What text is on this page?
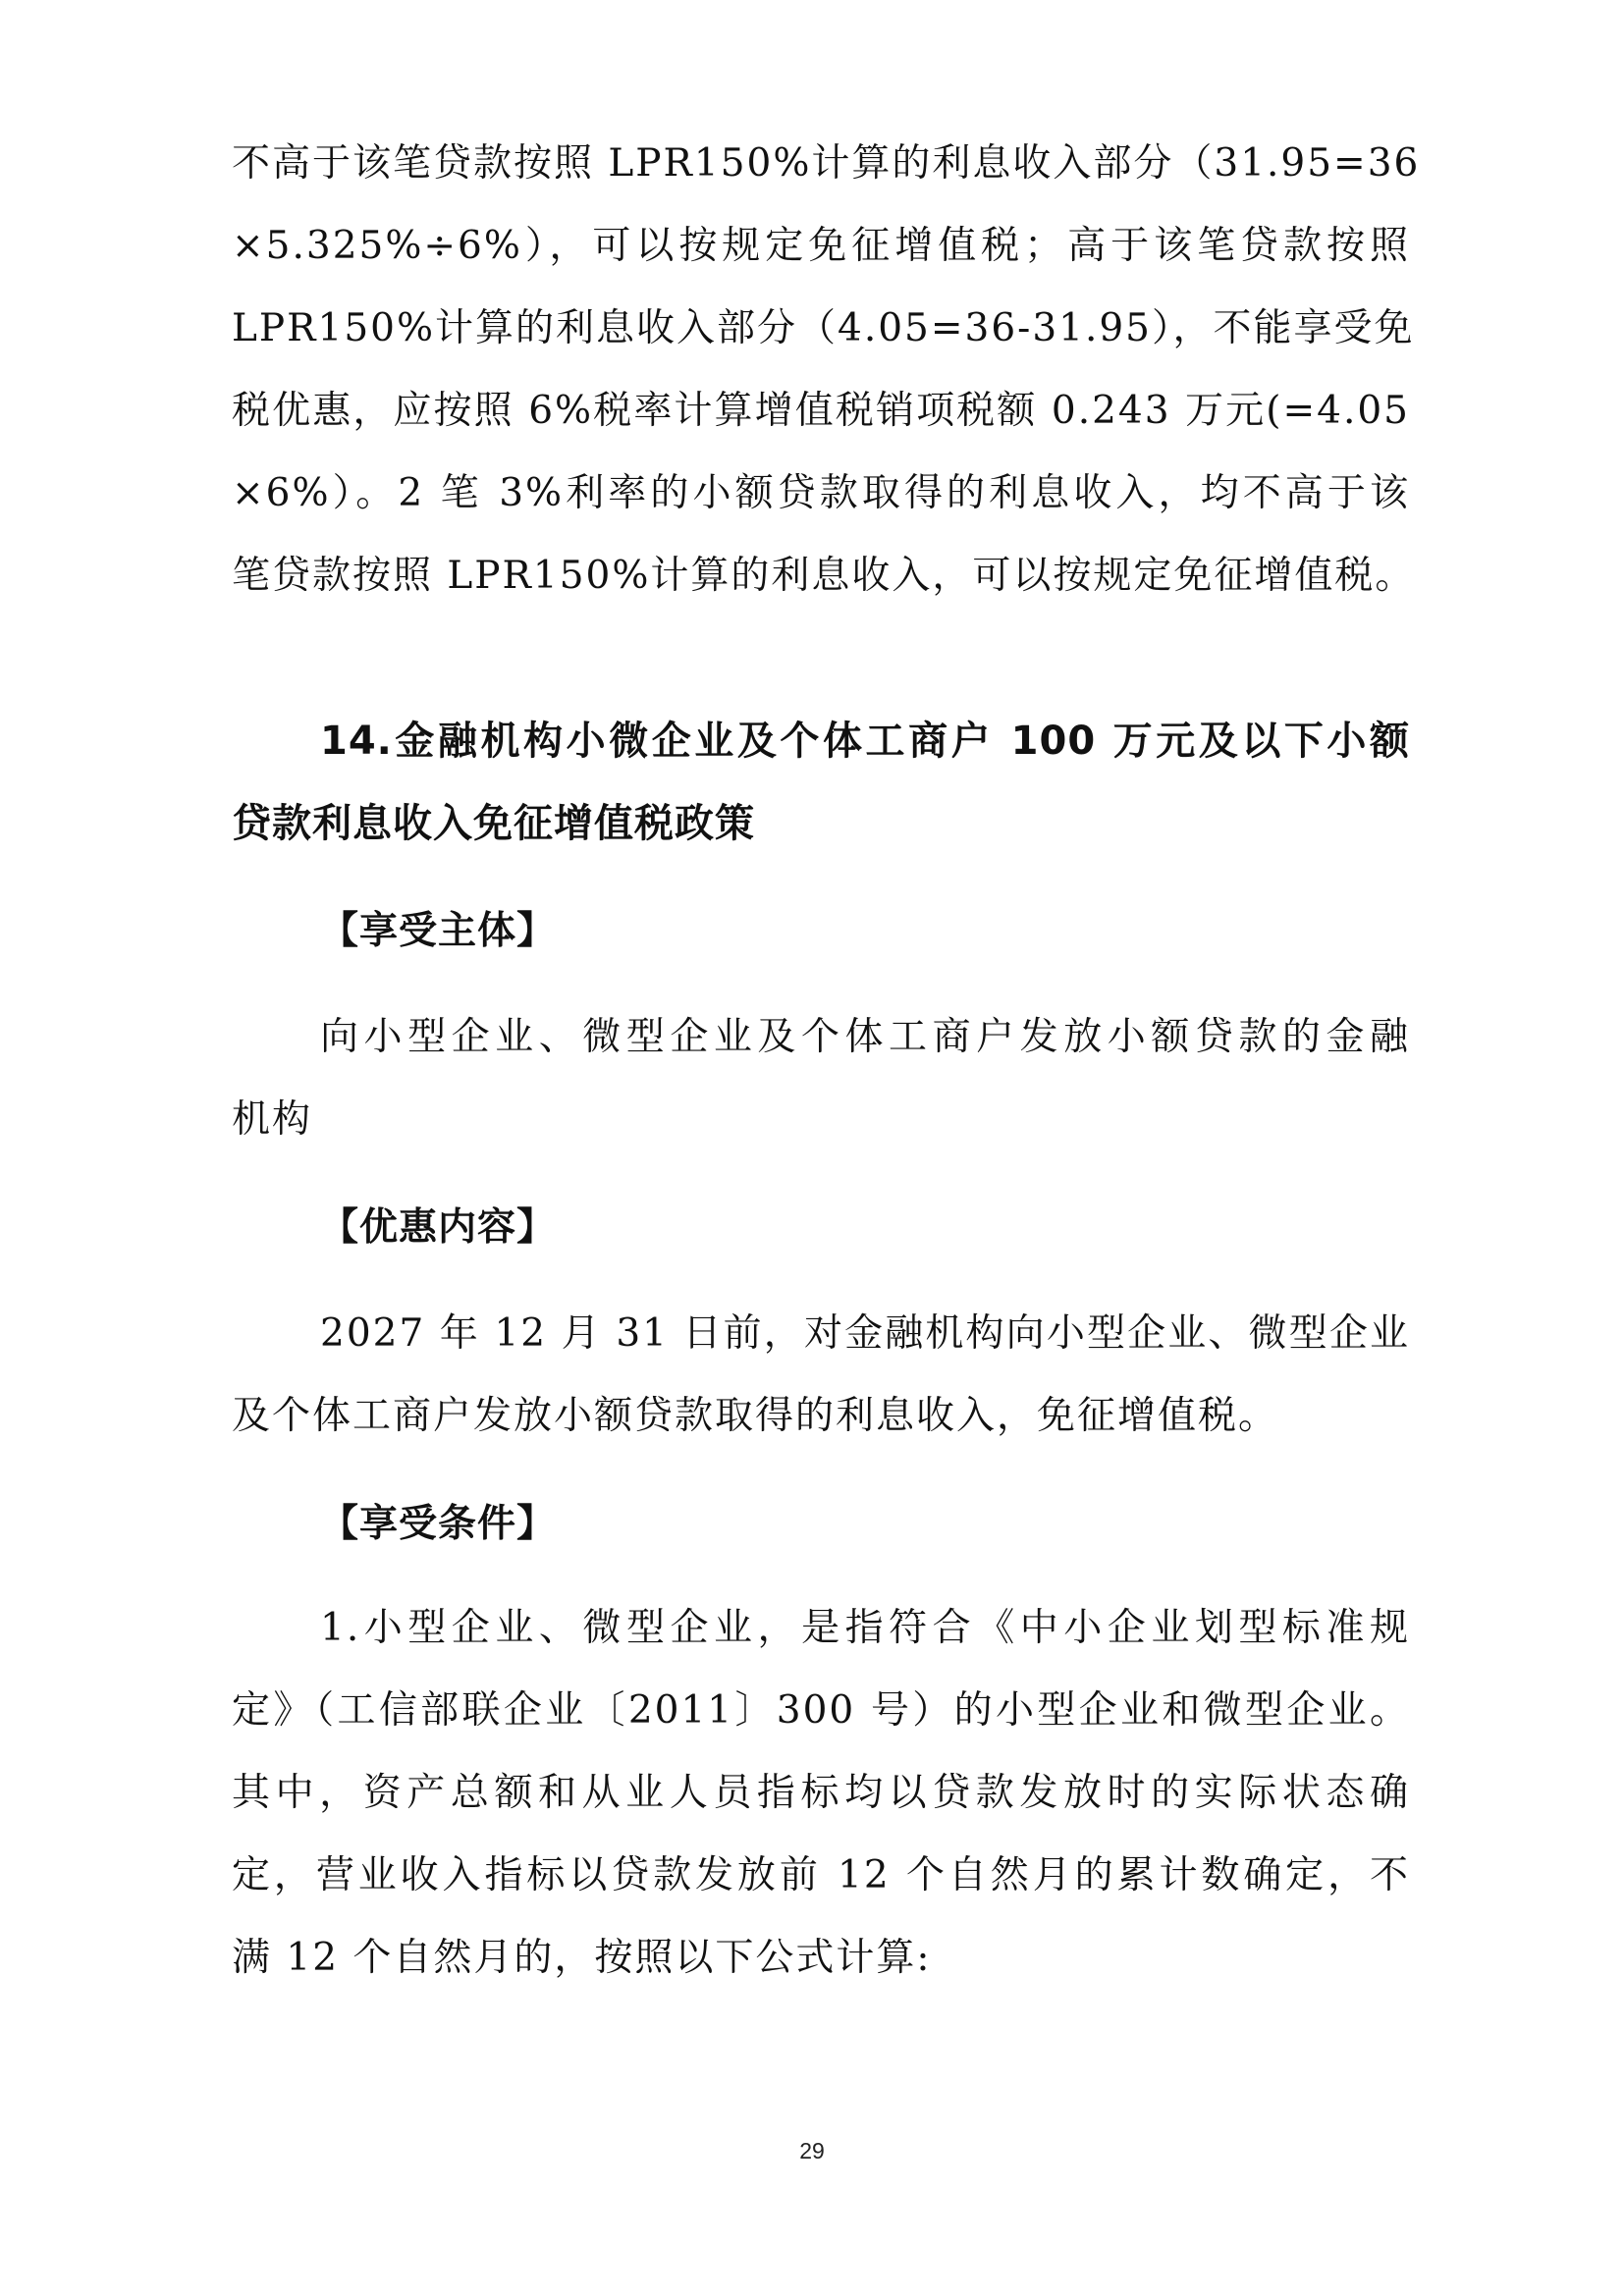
不高于该笔贷款按照 LPR150%计算的利息收入部分（31.95=36
×5.325%÷6%），可以按规定免征增值税；高于该笔贷款按照
LPR150%计算的利息收入部分（4.05=36-31.95），不能享受免
税优惠，应按照 6%税率计算增值税销项税额 0.243 万元(=4.05
×6%）。2 笔 3%利率的小额贷款取得的利息收入，均不高于该
笔贷款按照 LPR150%计算的利息收入，可以按规定免征增值税。
14.金融机构小微企业及个体工商户 100 万元及以下小额
贷款利息收入免征增值税政策
【享受主体】
向小型企业、微型企业及个体工商户发放小额贷款的金融
机构
【优惠内容】
2027 年 12 月 31 日前，对金融机构向小型企业、微型企业
及个体工商户发放小额贷款取得的利息收入，免征增值税。
【享受条件】
1.小型企业、微型企业，是指符合《中小企业划型标准规
定》（工信部联企业〔2011〕300 号）的小型企业和微型企业。
其中，资产总额和从业人员指标均以贷款发放时的实际状态确
定，营业收入指标以贷款发放前 12 个自然月的累计数确定，不
满 12 个自然月的，按照以下公式计算:
29
